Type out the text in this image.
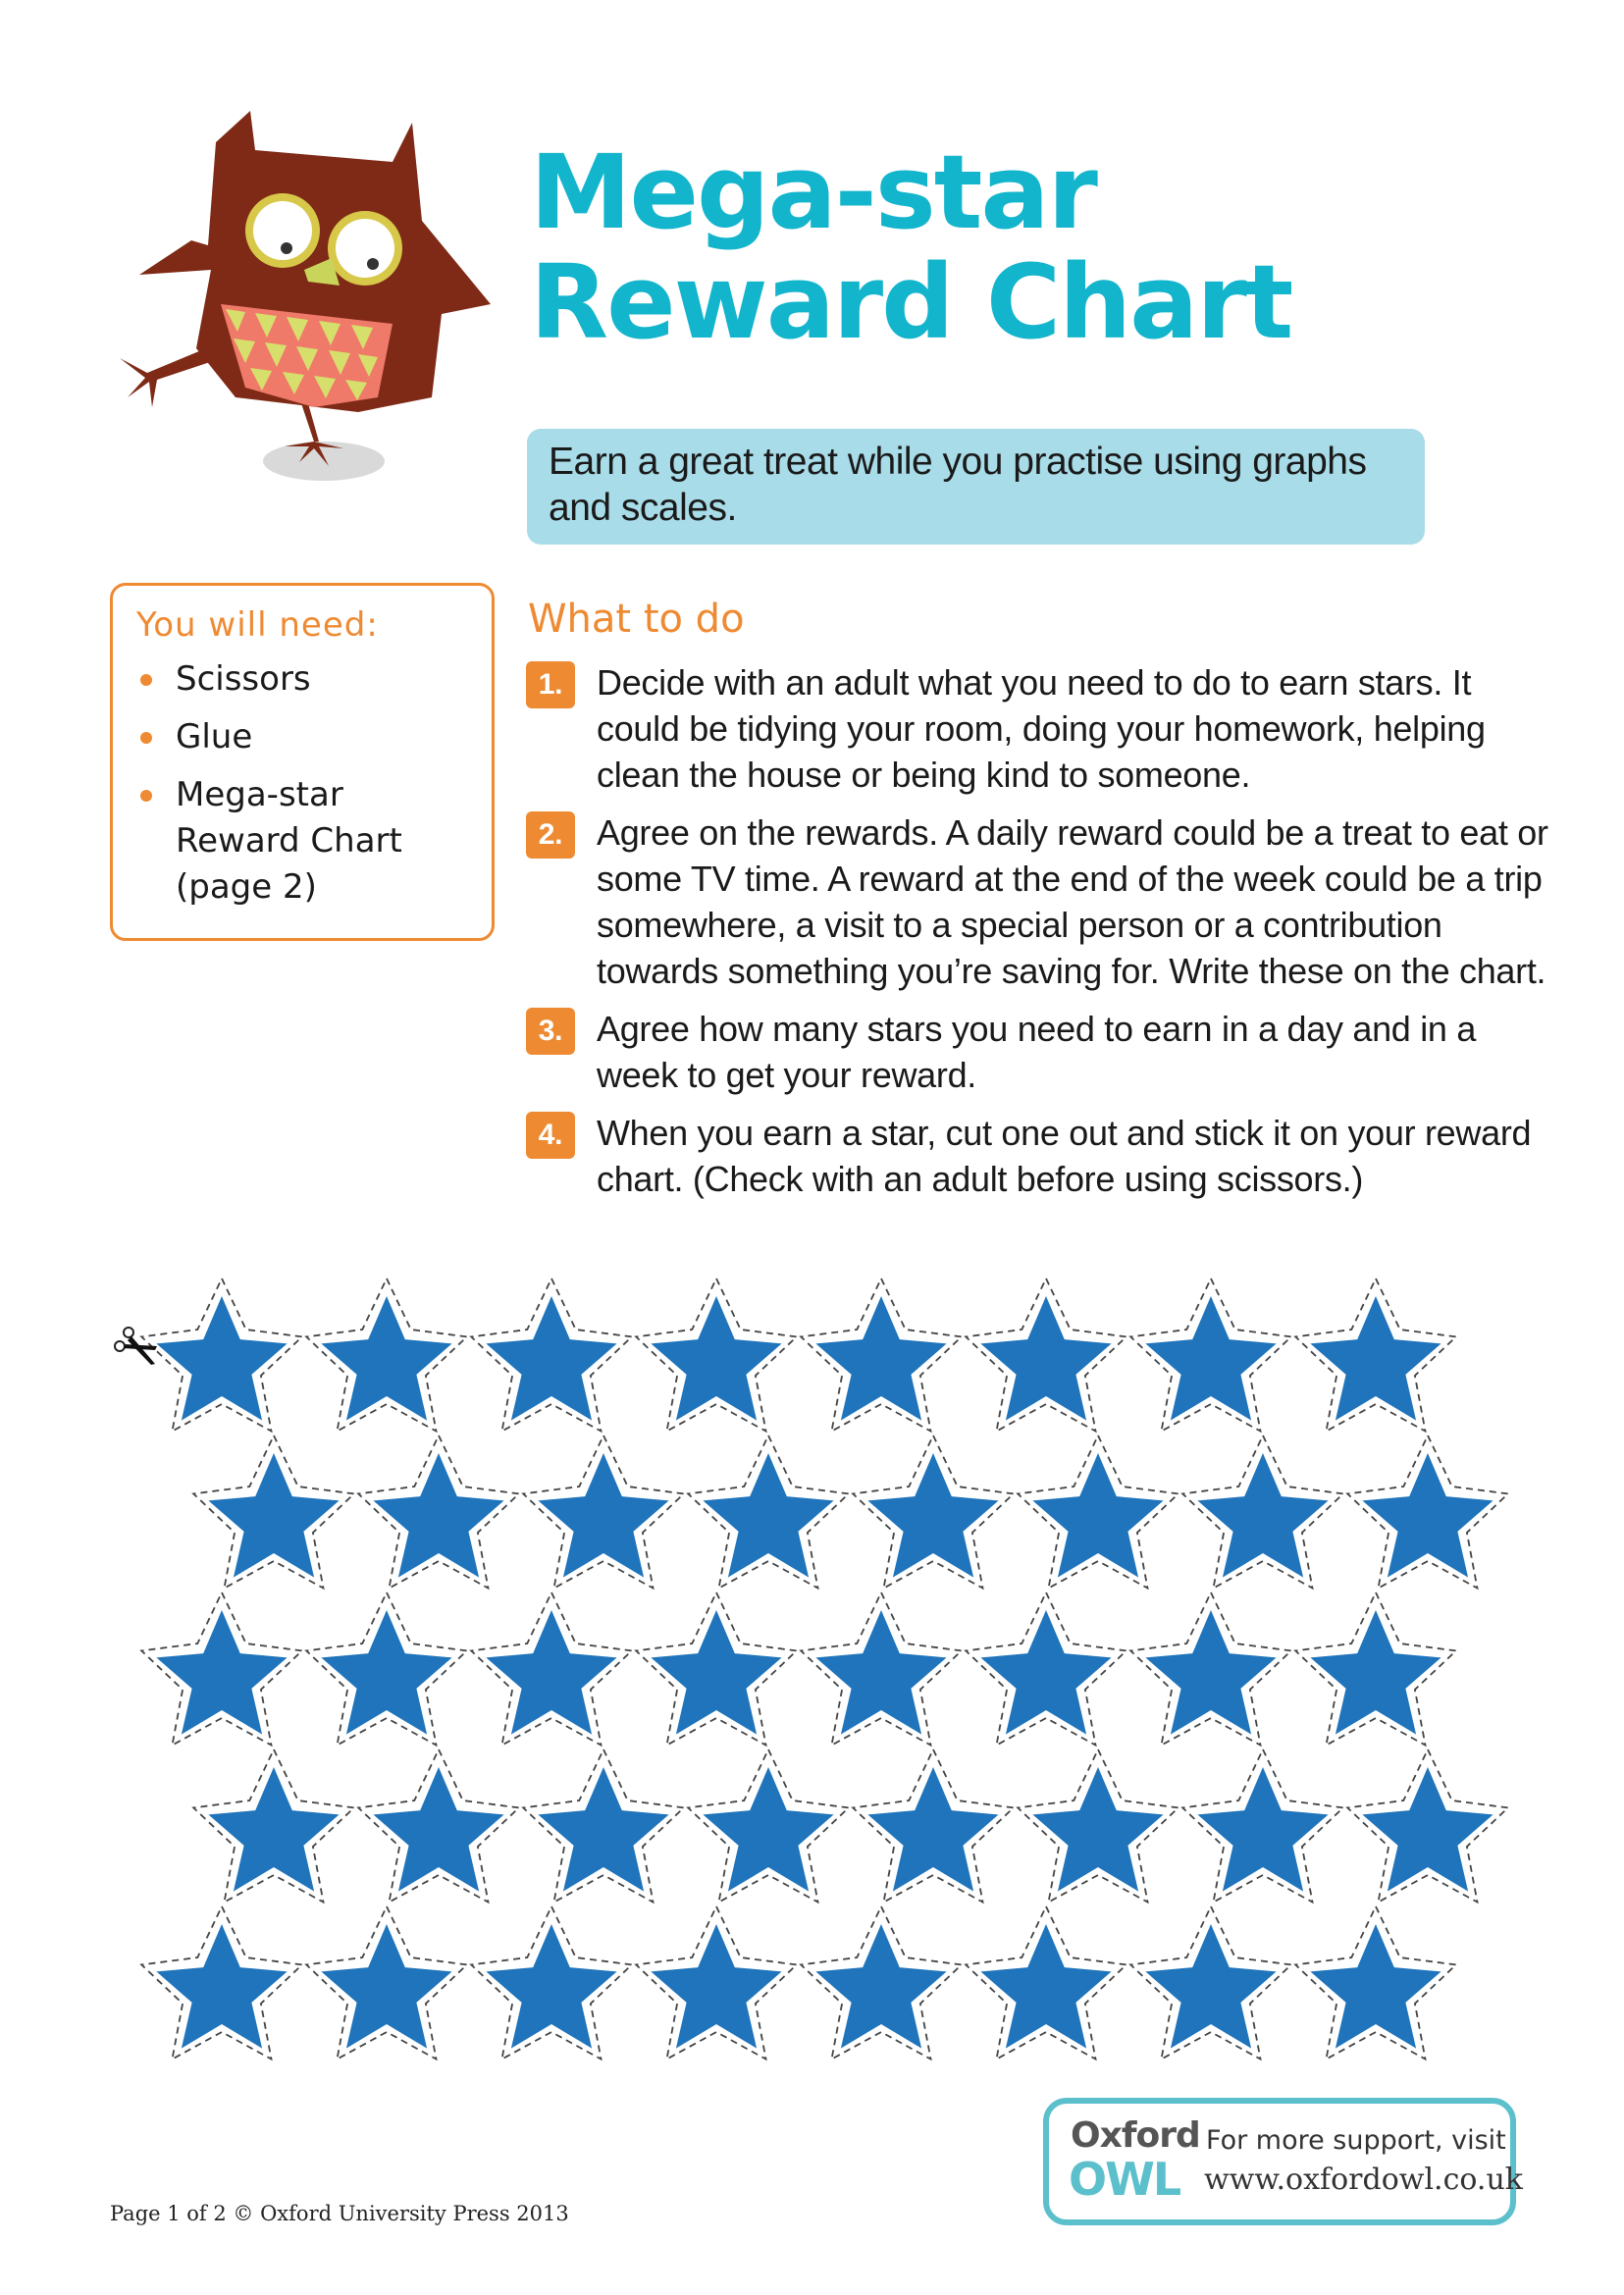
Mega-star
Reward Chart
Earn a great treat while you practise using graphs and scales.
You will need:
Scissors
Glue
Mega-star Reward Chart (page 2)
What to do
1. Decide with an adult what you need to do to earn stars. It could be tidying your room, doing your homework, helping clean the house or being kind to someone.
2. Agree on the rewards. A daily reward could be a treat to eat or some TV time. A reward at the end of the week could be a trip somewhere, a visit to a special person or a contribution towards something you’re saving for. Write these on the chart.
3. Agree how many stars you need to earn in a day and in a week to get your reward.
4. When you earn a star, cut one out and stick it on your reward chart. (Check with an adult before using scissors.)
Oxford
OWL
For more support, visit
www.oxfordowl.co.uk
Page 1 of 2 © Oxford University Press 2013
